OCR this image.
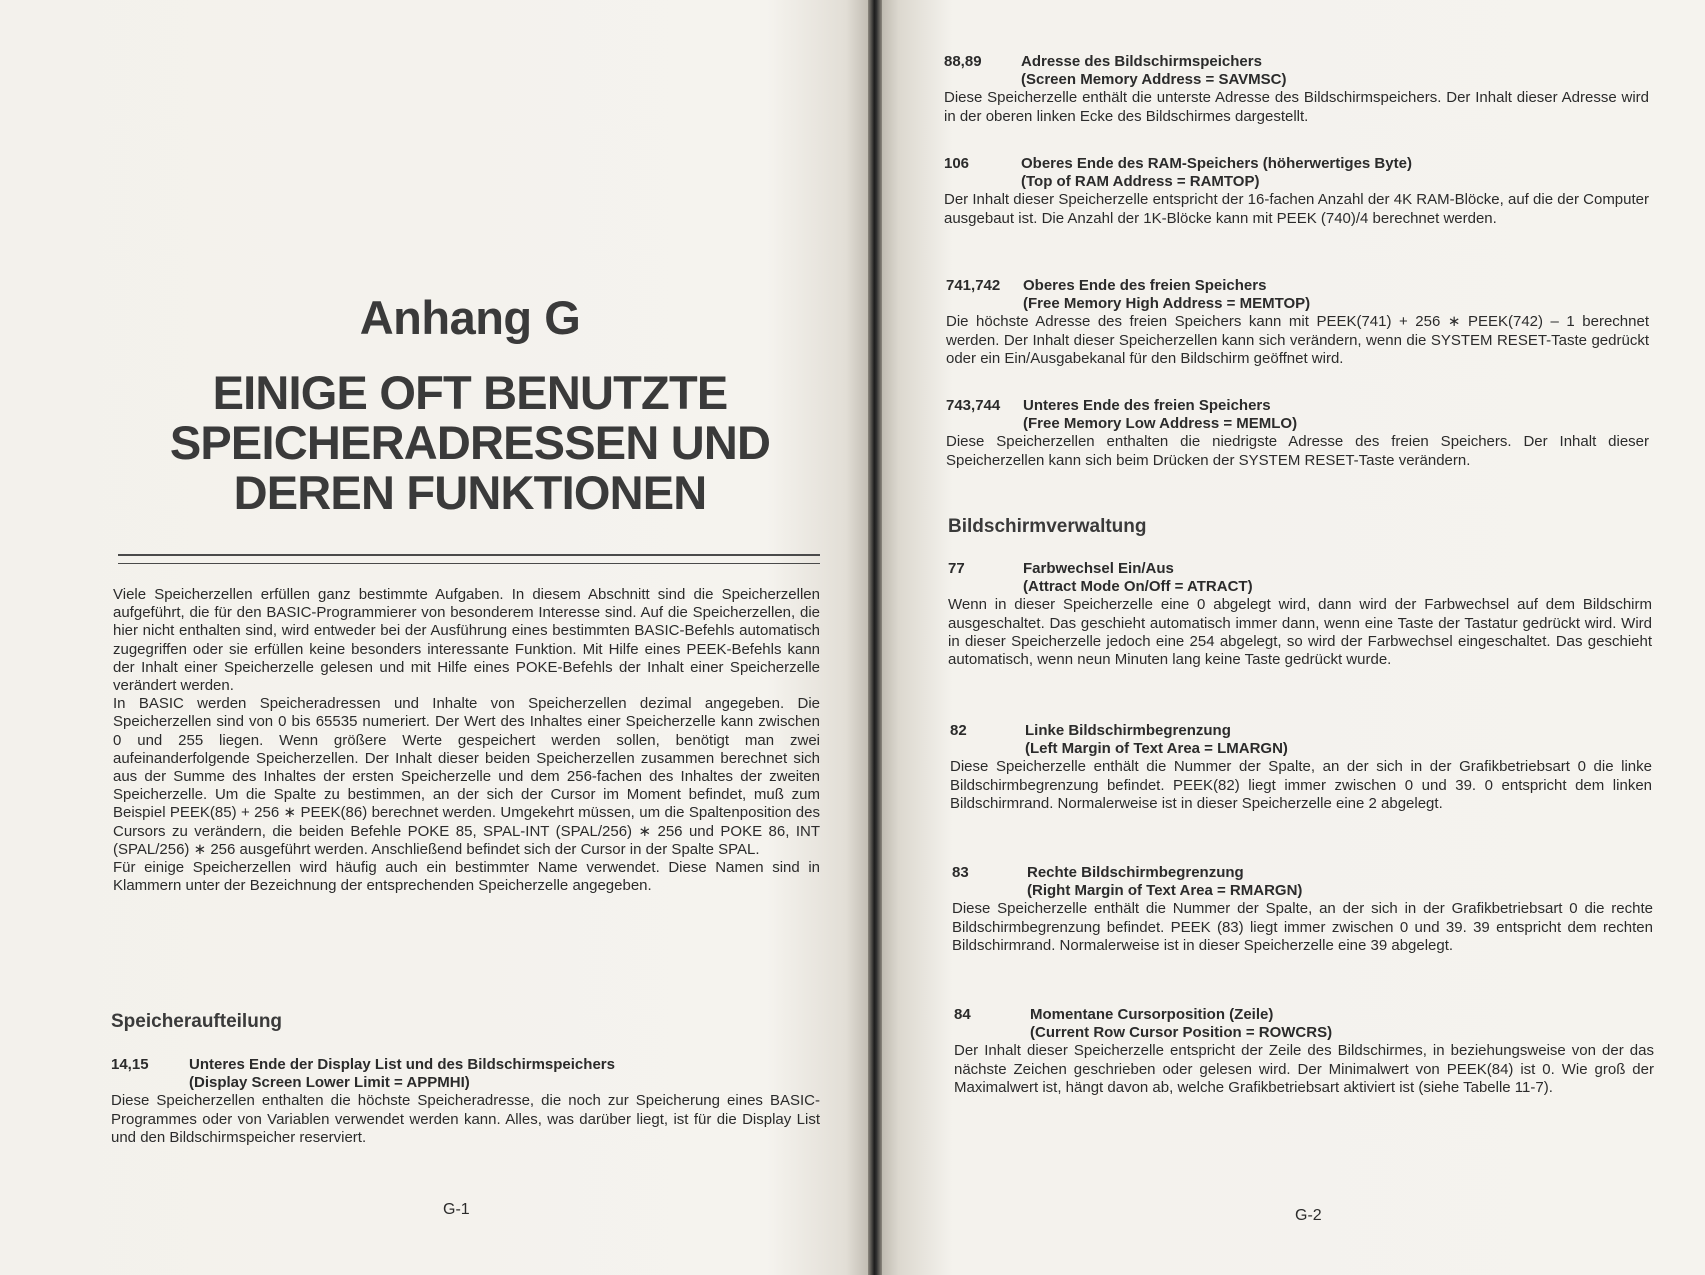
Anhang G
EINIGE OFT BENUTZTE
SPEICHERADRESSEN UND
DEREN FUNKTIONEN

Viele Speicherzellen erfüllen ganz bestimmte Aufgaben. In diesem Abschnitt sind die Speicherzellen aufgeführt, die für den BASIC-Programmierer von besonderem Interesse sind. Auf die Speicherzellen, die hier nicht enthalten sind, wird entweder bei der Ausführung eines bestimmten BASIC-Befehls automatisch zugegriffen oder sie erfüllen keine besonders interessante Funktion. Mit Hilfe eines PEEK-Befehls kann der Inhalt einer Speicherzelle gelesen und mit Hilfe eines POKE-Befehls der Inhalt einer Speicherzelle verändert werden.

In BASIC werden Speicheradressen und Inhalte von Speicherzellen dezimal angegeben. Die Speicherzellen sind von 0 bis 65535 numeriert. Der Wert des Inhaltes einer Speicherzelle kann zwischen 0 und 255 liegen. Wenn größere Werte gespeichert werden sollen, benötigt man zwei aufeinanderfolgende Speicherzellen. Der Inhalt dieser beiden Speicherzellen zusammen berechnet sich aus der Summe des Inhaltes der ersten Speicherzelle und dem 256-fachen des Inhaltes der zweiten Speicherzelle. Um die Spalte zu bestimmen, an der sich der Cursor im Moment befindet, muß zum Beispiel PEEK(85) + 256 ∗ PEEK(86) berechnet werden. Umgekehrt müssen, um die Spaltenposition des Cursors zu verändern, die beiden Befehle POKE 85, SPAL-INT (SPAL/256) ∗ 256 und POKE 86, INT (SPAL/256) ∗ 256 ausgeführt werden. Anschließend befindet sich der Cursor in der Spalte SPAL.

Für einige Speicherzellen wird häufig auch ein bestimmter Name verwendet. Diese Namen sind in Klammern unter der Bezeichnung der entsprechenden Speicherzelle angegeben.

Speicheraufteilung
14,15	Unteres Ende der Display List und des Bildschirmspeichers
(Display Screen Lower Limit = APPMHI)
Diese Speicherzellen enthalten die höchste Speicheradresse, die noch zur Speicherung eines BASIC-Programmes oder von Variablen verwendet werden kann. Alles, was darüber liegt, ist für die Display List und den Bildschirmspeicher reserviert.
G-1
88,89	Adresse des Bildschirmspeichers
(Screen Memory Address = SAVMSC)
Diese Speicherzelle enthält die unterste Adresse des Bildschirmspeichers. Der Inhalt dieser Adresse wird in der oberen linken Ecke des Bildschirmes dargestellt.
106	Oberes Ende des RAM-Speichers (höherwertiges Byte)
(Top of RAM Address = RAMTOP)
Der Inhalt dieser Speicherzelle entspricht der 16-fachen Anzahl der 4K RAM-Blöcke, auf die der Computer ausgebaut ist. Die Anzahl der 1K-Blöcke kann mit PEEK (740)/4 berechnet werden.
741,742 Oberes Ende des freien Speichers
(Free Memory High Address = MEMTOP)
Die höchste Adresse des freien Speichers kann mit PEEK(741) + 256 ∗ PEEK(742) – 1 berechnet werden. Der Inhalt dieser Speicherzellen kann sich verändern, wenn die SYSTEM RESET-Taste gedrückt oder ein Ein/Ausgabekanal für den Bildschirm geöffnet wird.
743,744 Unteres Ende des freien Speichers
(Free Memory Low Address = MEMLO)
Diese Speicherzellen enthalten die niedrigste Adresse des freien Speichers. Der Inhalt dieser Speicherzellen kann sich beim Drücken der SYSTEM RESET-Taste verändern.
Bildschirmverwaltung
77	Farbwechsel Ein/Aus
(Attract Mode On/Off = ATRACT)
Wenn in dieser Speicherzelle eine 0 abgelegt wird, dann wird der Farbwechsel auf dem Bildschirm ausgeschaltet. Das geschieht automatisch immer dann, wenn eine Taste der Tastatur gedrückt wird. Wird in dieser Speicherzelle jedoch eine 254 abgelegt, so wird der Farbwechsel eingeschaltet. Das geschieht automatisch, wenn neun Minuten lang keine Taste gedrückt wurde.
82	Linke Bildschirmbegrenzung
(Left Margin of Text Area = LMARGN)
Diese Speicherzelle enthält die Nummer der Spalte, an der sich in der Grafikbetriebsart 0 die linke Bildschirmbegrenzung befindet. PEEK(82) liegt immer zwischen 0 und 39. 0 entspricht dem linken Bildschirmrand. Normalerweise ist in dieser Speicherzelle eine 2 abgelegt.
83	Rechte Bildschirmbegrenzung
(Right Margin of Text Area = RMARGN)
Diese Speicherzelle enthält die Nummer der Spalte, an der sich in der Grafikbetriebsart 0 die rechte Bildschirmbegrenzung befindet. PEEK (83) liegt immer zwischen 0 und 39. 39 entspricht dem rechten Bildschirmrand. Normalerweise ist in dieser Speicherzelle eine 39 abgelegt.
84	Momentane Cursorposition (Zeile)
(Current Row Cursor Position = ROWCRS)
Der Inhalt dieser Speicherzelle entspricht der Zeile des Bildschirmes, in beziehungsweise von der das nächste Zeichen geschrieben oder gelesen wird. Der Minimalwert von PEEK(84) ist 0. Wie groß der Maximalwert ist, hängt davon ab, welche Grafikbetriebsart aktiviert ist (siehe Tabelle 11-7).
G-2
